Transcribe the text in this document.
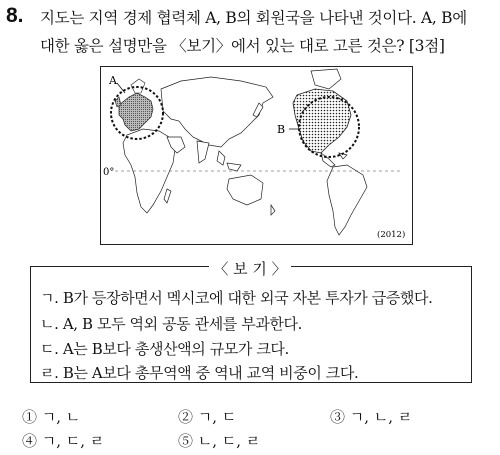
8. 지도는 지역 경제 협력체 A, B의 회원국을 나타낸 것이다. A, B에
대한 옳은 설명만을 〈보기〉에서 있는 대로 고른 것은? [3점]
A
B
0°
(2012)
〈 보 기 〉
ㄱ. B가 등장하면서 멕시코에 대한 외국 자본 투자가 급증했다.
ㄴ. A, B 모두 역외 공동 관세를 부과한다.
ㄷ. A는 B보다 총생산액의 규모가 크다.
ㄹ. B는 A보다 총무역액 중 역내 교역 비중이 크다.
① ㄱ, ㄴ	② ㄱ, ㄷ	③ ㄱ, ㄴ, ㄹ
④ ㄱ, ㄷ, ㄹ	⑤ ㄴ, ㄷ, ㄹ
